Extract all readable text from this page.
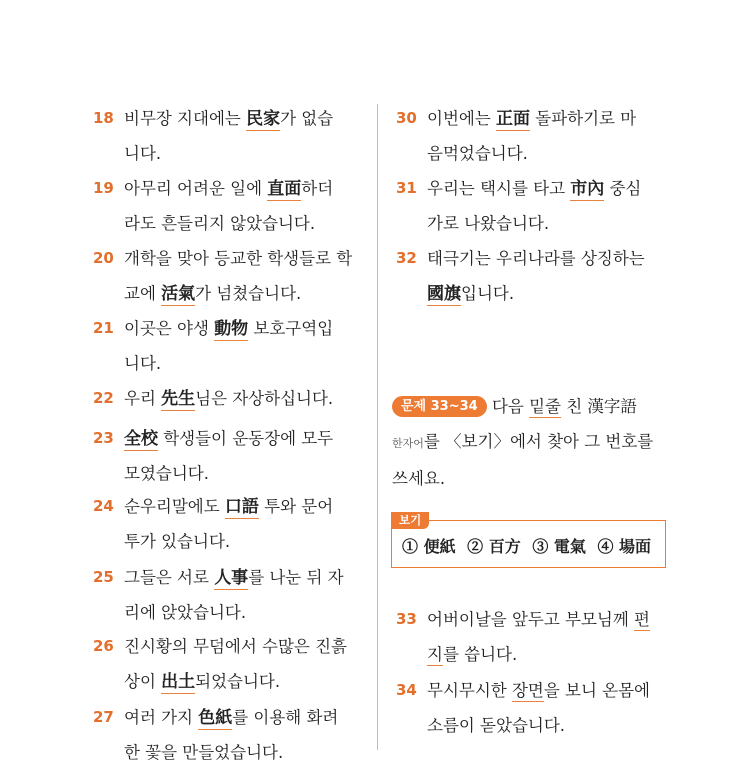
18 비무장 지대에는 民家가 없습
니다.
19 아무리 어려운 일에 直面하더
라도 흔들리지 않았습니다.
20 개학을 맞아 등교한 학생들로 학
교에 活氣가 넘쳤습니다.
21 이곳은 야생 動物 보호구역입
니다.
22 우리 先生님은 자상하십니다.
23 全校 학생들이 운동장에 모두
모였습니다.
24 순우리말에도 口語 투와 문어
투가 있습니다.
25 그들은 서로 人事를 나눈 뒤 자
리에 앉았습니다.
26 진시황의 무덤에서 수많은 진흙
상이 出土되었습니다.
27 여러 가지 色紙를 이용해 화려
한 꽃을 만들었습니다.
30 이번에는 正面 돌파하기로 마
음먹었습니다.
31 우리는 택시를 타고 市內 중심
가로 나왔습니다.
32 태극기는 우리나라를 상징하는
國旗입니다.
문제 33~34 다음 밑줄 친 漢字語
한자어를 〈보기〉에서 찾아 그 번호를
쓰세요.
보기
① 便紙 ② 百方 ③ 電氣 ④ 場面
33 어버이날을 앞두고 부모님께 편
지를 씁니다.
34 무시무시한 장면을 보니 온몸에
소름이 돋았습니다.
